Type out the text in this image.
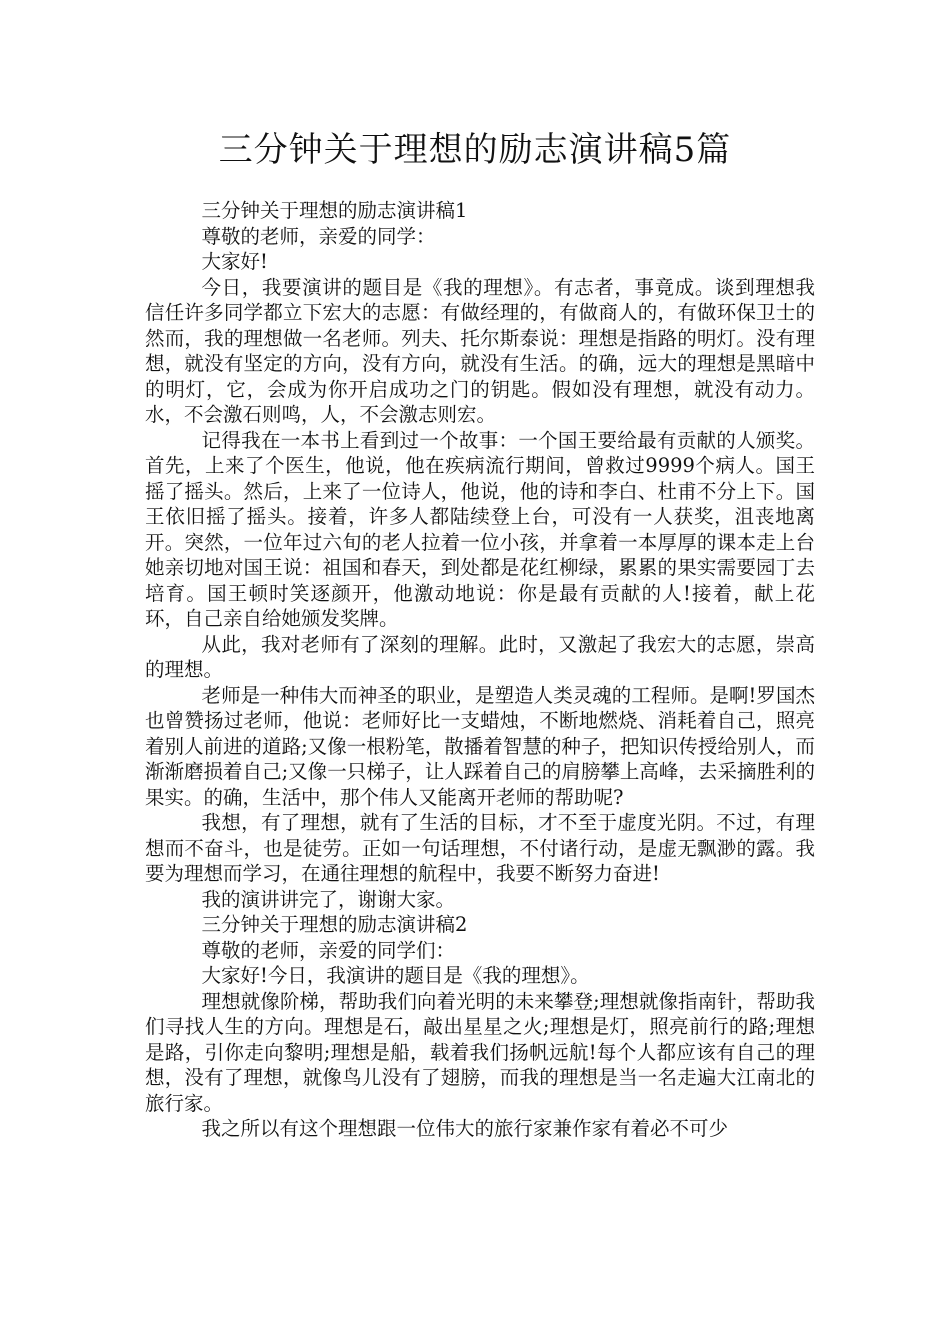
三分钟关于理想的励志演讲稿5篇

三分钟关于理想的励志演讲稿1

尊敬的老师，亲爱的同学：

大家好!

今日，我要演讲的题目是《我的理想》。有志者，事竟成。谈到理想我信任许多同学都立下宏大的志愿：有做经理的，有做商人的，有做环保卫士的然而，我的理想做一名老师。列夫、托尔斯泰说：理想是指路的明灯。没有理想，就没有坚定的方向，没有方向，就没有生活。的确，远大的理想是黑暗中的明灯，它，会成为你开启成功之门的钥匙。假如没有理想，就没有动力。水，不会激石则鸣，人，不会激志则宏。

记得我在一本书上看到过一个故事：一个国王要给最有贡献的人颁奖。首先，上来了个医生，他说，他在疾病流行期间，曾救过9999个病人。国王摇了摇头。然后，上来了一位诗人，他说，他的诗和李白、杜甫不分上下。国王依旧摇了摇头。接着，许多人都陆续登上台，可没有一人获奖，沮丧地离开。突然，一位年过六旬的老人拉着一位小孩，并拿着一本厚厚的课本走上台她亲切地对国王说：祖国和春天，到处都是花红柳绿，累累的果实需要园丁去培育。国王顿时笑逐颜开，他激动地说：你是最有贡献的人!接着，献上花环，自己亲自给她颁发奖牌。

从此，我对老师有了深刻的理解。此时，又激起了我宏大的志愿，崇高的理想。

老师是一种伟大而神圣的职业，是塑造人类灵魂的工程师。是啊!罗国杰也曾赞扬过老师，他说：老师好比一支蜡烛，不断地燃烧、消耗着自己，照亮着别人前进的道路;又像一根粉笔，散播着智慧的种子，把知识传授给别人，而渐渐磨损着自己;又像一只梯子，让人踩着自己的肩膀攀上高峰，去采摘胜利的果实。的确，生活中，那个伟人又能离开老师的帮助呢?

我想，有了理想，就有了生活的目标，才不至于虚度光阴。不过，有理想而不奋斗，也是徒劳。正如一句话理想，不付诸行动，是虚无飘渺的露。我要为理想而学习，在通往理想的航程中，我要不断努力奋进!

我的演讲讲完了，谢谢大家。

三分钟关于理想的励志演讲稿2

尊敬的老师，亲爱的同学们：

大家好!今日，我演讲的题目是《我的理想》。

理想就像阶梯，帮助我们向着光明的未来攀登;理想就像指南针，帮助我们寻找人生的方向。理想是石，敲出星星之火;理想是灯，照亮前行的路;理想是路，引你走向黎明;理想是船，载着我们扬帆远航!每个人都应该有自己的理想，没有了理想，就像鸟儿没有了翅膀，而我的理想是当一名走遍大江南北的旅行家。

我之所以有这个理想跟一位伟大的旅行家兼作家有着必不可少
